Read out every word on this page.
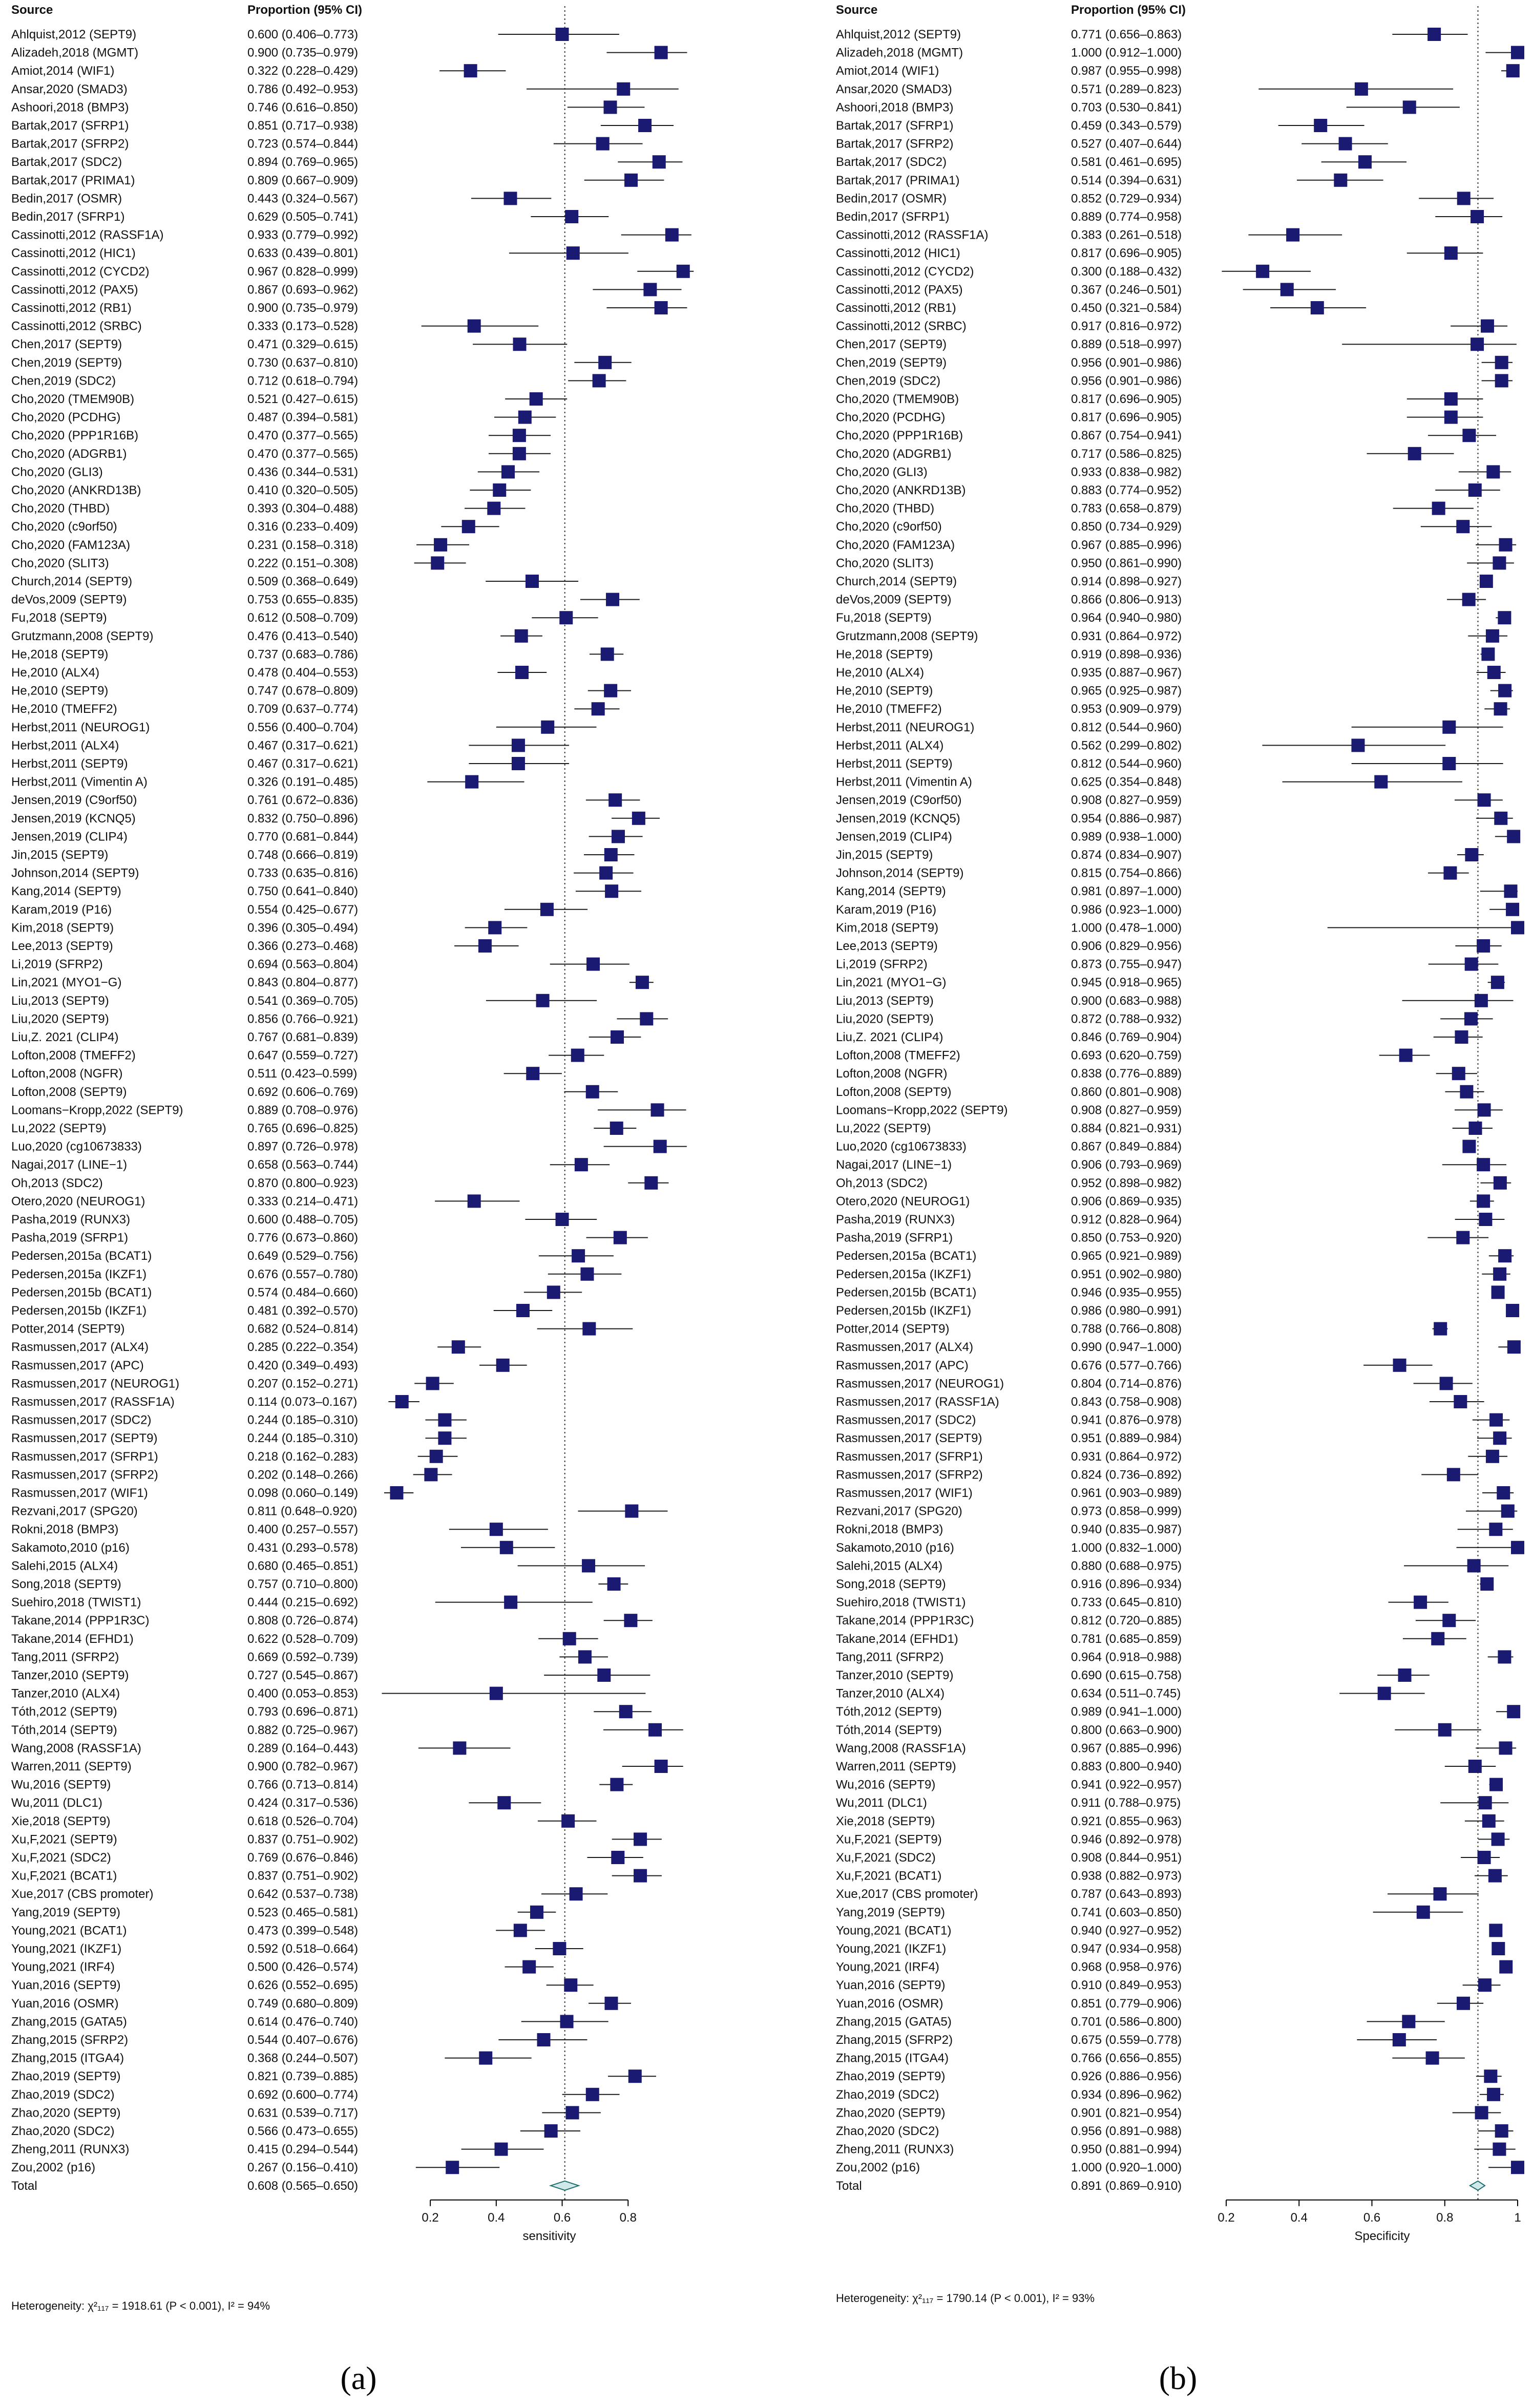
Source	Proportion (95% CI)
Ahlquist,2012 (SEPT9)	0.600 (0.406–0.773)
Alizadeh,2018 (MGMT)	0.900 (0.735–0.979)
Amiot,2014 (WIF1)	0.322 (0.228–0.429)
Ansar,2020 (SMAD3)	0.786 (0.492–0.953)
Ashoori,2018 (BMP3)	0.746 (0.616–0.850)
Bartak,2017 (SFRP1)	0.851 (0.717–0.938)
Bartak,2017 (SFRP2)	0.723 (0.574–0.844)
Bartak,2017 (SDC2)	0.894 (0.769–0.965)
Bartak,2017 (PRIMA1)	0.809 (0.667–0.909)
Bedin,2017 (OSMR)	0.443 (0.324–0.567)
Bedin,2017 (SFRP1)	0.629 (0.505–0.741)
Cassinotti,2012 (RASSF1A)	0.933 (0.779–0.992)
Cassinotti,2012 (HIC1)	0.633 (0.439–0.801)
Cassinotti,2012 (CYCD2)	0.967 (0.828–0.999)
Cassinotti,2012 (PAX5)	0.867 (0.693–0.962)
Cassinotti,2012 (RB1)	0.900 (0.735–0.979)
Cassinotti,2012 (SRBC)	0.333 (0.173–0.528)
Chen,2017 (SEPT9)	0.471 (0.329–0.615)
Chen,2019 (SEPT9)	0.730 (0.637–0.810)
Chen,2019 (SDC2)	0.712 (0.618–0.794)
Cho,2020 (TMEM90B)	0.521 (0.427–0.615)
Cho,2020 (PCDHG)	0.487 (0.394–0.581)
Cho,2020 (PPP1R16B)	0.470 (0.377–0.565)
Cho,2020 (ADGRB1)	0.470 (0.377–0.565)
Cho,2020 (GLI3)	0.436 (0.344–0.531)
Cho,2020 (ANKRD13B)	0.410 (0.320–0.505)
Cho,2020 (THBD)	0.393 (0.304–0.488)
Cho,2020 (c9orf50)	0.316 (0.233–0.409)
Cho,2020 (FAM123A)	0.231 (0.158–0.318)
Cho,2020 (SLIT3)	0.222 (0.151–0.308)
Church,2014 (SEPT9)	0.509 (0.368–0.649)
deVos,2009 (SEPT9)	0.753 (0.655–0.835)
Fu,2018 (SEPT9)	0.612 (0.508–0.709)
Grutzmann,2008 (SEPT9)	0.476 (0.413–0.540)
He,2018 (SEPT9)	0.737 (0.683–0.786)
He,2010 (ALX4)	0.478 (0.404–0.553)
He,2010 (SEPT9)	0.747 (0.678–0.809)
He,2010 (TMEFF2)	0.709 (0.637–0.774)
Herbst,2011 (NEUROG1)	0.556 (0.400–0.704)
Herbst,2011 (ALX4)	0.467 (0.317–0.621)
Herbst,2011 (SEPT9)	0.467 (0.317–0.621)
Herbst,2011 (Vimentin A)	0.326 (0.191–0.485)
Jensen,2019 (C9orf50)	0.761 (0.672–0.836)
Jensen,2019 (KCNQ5)	0.832 (0.750–0.896)
Jensen,2019 (CLIP4)	0.770 (0.681–0.844)
Jin,2015 (SEPT9)	0.748 (0.666–0.819)
Johnson,2014 (SEPT9)	0.733 (0.635–0.816)
Kang,2014 (SEPT9)	0.750 (0.641–0.840)
Karam,2019 (P16)	0.554 (0.425–0.677)
Kim,2018 (SEPT9)	0.396 (0.305–0.494)
Lee,2013 (SEPT9)	0.366 (0.273–0.468)
Li,2019 (SFRP2)	0.694 (0.563–0.804)
Lin,2021 (MYO1−G)	0.843 (0.804–0.877)
Liu,2013 (SEPT9)	0.541 (0.369–0.705)
Liu,2020 (SEPT9)	0.856 (0.766–0.921)
Liu,Z. 2021 (CLIP4)	0.767 (0.681–0.839)
Lofton,2008 (TMEFF2)	0.647 (0.559–0.727)
Lofton,2008 (NGFR)	0.511 (0.423–0.599)
Lofton,2008 (SEPT9)	0.692 (0.606–0.769)
Loomans−Kropp,2022 (SEPT9)	0.889 (0.708–0.976)
Lu,2022 (SEPT9)	0.765 (0.696–0.825)
Luo,2020 (cg10673833)	0.897 (0.726–0.978)
Nagai,2017 (LINE−1)	0.658 (0.563–0.744)
Oh,2013 (SDC2)	0.870 (0.800–0.923)
Otero,2020 (NEUROG1)	0.333 (0.214–0.471)
Pasha,2019 (RUNX3)	0.600 (0.488–0.705)
Pasha,2019 (SFRP1)	0.776 (0.673–0.860)
Pedersen,2015a (BCAT1)	0.649 (0.529–0.756)
Pedersen,2015a (IKZF1)	0.676 (0.557–0.780)
Pedersen,2015b (BCAT1)	0.574 (0.484–0.660)
Pedersen,2015b (IKZF1)	0.481 (0.392–0.570)
Potter,2014 (SEPT9)	0.682 (0.524–0.814)
Rasmussen,2017 (ALX4)	0.285 (0.222–0.354)
Rasmussen,2017 (APC)	0.420 (0.349–0.493)
Rasmussen,2017 (NEUROG1)	0.207 (0.152–0.271)
Rasmussen,2017 (RASSF1A)	0.114 (0.073–0.167)
Rasmussen,2017 (SDC2)	0.244 (0.185–0.310)
Rasmussen,2017 (SEPT9)	0.244 (0.185–0.310)
Rasmussen,2017 (SFRP1)	0.218 (0.162–0.283)
Rasmussen,2017 (SFRP2)	0.202 (0.148–0.266)
Rasmussen,2017 (WIF1)	0.098 (0.060–0.149)
Rezvani,2017 (SPG20)	0.811 (0.648–0.920)
Rokni,2018 (BMP3)	0.400 (0.257–0.557)
Sakamoto,2010 (p16)	0.431 (0.293–0.578)
Salehi,2015 (ALX4)	0.680 (0.465–0.851)
Song,2018 (SEPT9)	0.757 (0.710–0.800)
Suehiro,2018 (TWIST1)	0.444 (0.215–0.692)
Takane,2014 (PPP1R3C)	0.808 (0.726–0.874)
Takane,2014 (EFHD1)	0.622 (0.528–0.709)
Tang,2011 (SFRP2)	0.669 (0.592–0.739)
Tanzer,2010 (SEPT9)	0.727 (0.545–0.867)
Tanzer,2010 (ALX4)	0.400 (0.053–0.853)
Tóth,2012 (SEPT9)	0.793 (0.696–0.871)
Tóth,2014 (SEPT9)	0.882 (0.725–0.967)
Wang,2008 (RASSF1A)	0.289 (0.164–0.443)
Warren,2011 (SEPT9)	0.900 (0.782–0.967)
Wu,2016 (SEPT9)	0.766 (0.713–0.814)
Wu,2011 (DLC1)	0.424 (0.317–0.536)
Xie,2018 (SEPT9)	0.618 (0.526–0.704)
Xu,F,2021 (SEPT9)	0.837 (0.751–0.902)
Xu,F,2021 (SDC2)	0.769 (0.676–0.846)
Xu,F,2021 (BCAT1)	0.837 (0.751–0.902)
Xue,2017 (CBS promoter)	0.642 (0.537–0.738)
Yang,2019 (SEPT9)	0.523 (0.465–0.581)
Young,2021 (BCAT1)	0.473 (0.399–0.548)
Young,2021 (IKZF1)	0.592 (0.518–0.664)
Young,2021 (IRF4)	0.500 (0.426–0.574)
Yuan,2016 (SEPT9)	0.626 (0.552–0.695)
Yuan,2016 (OSMR)	0.749 (0.680–0.809)
Zhang,2015 (GATA5)	0.614 (0.476–0.740)
Zhang,2015 (SFRP2)	0.544 (0.407–0.676)
Zhang,2015 (ITGA4)	0.368 (0.244–0.507)
Zhao,2019 (SEPT9)	0.821 (0.739–0.885)
Zhao,2019 (SDC2)	0.692 (0.600–0.774)
Zhao,2020 (SEPT9)	0.631 (0.539–0.717)
Zhao,2020 (SDC2)	0.566 (0.473–0.655)
Zheng,2011 (RUNX3)	0.415 (0.294–0.544)
Zou,2002 (p16)	0.267 (0.156–0.410)
Total	0.608 (0.565–0.650)
0.2	0.4	0.6	0.8
sensitivity
Heterogeneity: χ²₁₁₇ = 1918.61 (P < 0.001), I² = 94%
(a)
Source	Proportion (95% CI)
Ahlquist,2012 (SEPT9)	0.771 (0.656–0.863)
Alizadeh,2018 (MGMT)	1.000 (0.912–1.000)
Amiot,2014 (WIF1)	0.987 (0.955–0.998)
Ansar,2020 (SMAD3)	0.571 (0.289–0.823)
Ashoori,2018 (BMP3)	0.703 (0.530–0.841)
Bartak,2017 (SFRP1)	0.459 (0.343–0.579)
Bartak,2017 (SFRP2)	0.527 (0.407–0.644)
Bartak,2017 (SDC2)	0.581 (0.461–0.695)
Bartak,2017 (PRIMA1)	0.514 (0.394–0.631)
Bedin,2017 (OSMR)	0.852 (0.729–0.934)
Bedin,2017 (SFRP1)	0.889 (0.774–0.958)
Cassinotti,2012 (RASSF1A)	0.383 (0.261–0.518)
Cassinotti,2012 (HIC1)	0.817 (0.696–0.905)
Cassinotti,2012 (CYCD2)	0.300 (0.188–0.432)
Cassinotti,2012 (PAX5)	0.367 (0.246–0.501)
Cassinotti,2012 (RB1)	0.450 (0.321–0.584)
Cassinotti,2012 (SRBC)	0.917 (0.816–0.972)
Chen,2017 (SEPT9)	0.889 (0.518–0.997)
Chen,2019 (SEPT9)	0.956 (0.901–0.986)
Chen,2019 (SDC2)	0.956 (0.901–0.986)
Cho,2020 (TMEM90B)	0.817 (0.696–0.905)
Cho,2020 (PCDHG)	0.817 (0.696–0.905)
Cho,2020 (PPP1R16B)	0.867 (0.754–0.941)
Cho,2020 (ADGRB1)	0.717 (0.586–0.825)
Cho,2020 (GLI3)	0.933 (0.838–0.982)
Cho,2020 (ANKRD13B)	0.883 (0.774–0.952)
Cho,2020 (THBD)	0.783 (0.658–0.879)
Cho,2020 (c9orf50)	0.850 (0.734–0.929)
Cho,2020 (FAM123A)	0.967 (0.885–0.996)
Cho,2020 (SLIT3)	0.950 (0.861–0.990)
Church,2014 (SEPT9)	0.914 (0.898–0.927)
deVos,2009 (SEPT9)	0.866 (0.806–0.913)
Fu,2018 (SEPT9)	0.964 (0.940–0.980)
Grutzmann,2008 (SEPT9)	0.931 (0.864–0.972)
He,2018 (SEPT9)	0.919 (0.898–0.936)
He,2010 (ALX4)	0.935 (0.887–0.967)
He,2010 (SEPT9)	0.965 (0.925–0.987)
He,2010 (TMEFF2)	0.953 (0.909–0.979)
Herbst,2011 (NEUROG1)	0.812 (0.544–0.960)
Herbst,2011 (ALX4)	0.562 (0.299–0.802)
Herbst,2011 (SEPT9)	0.812 (0.544–0.960)
Herbst,2011 (Vimentin A)	0.625 (0.354–0.848)
Jensen,2019 (C9orf50)	0.908 (0.827–0.959)
Jensen,2019 (KCNQ5)	0.954 (0.886–0.987)
Jensen,2019 (CLIP4)	0.989 (0.938–1.000)
Jin,2015 (SEPT9)	0.874 (0.834–0.907)
Johnson,2014 (SEPT9)	0.815 (0.754–0.866)
Kang,2014 (SEPT9)	0.981 (0.897–1.000)
Karam,2019 (P16)	0.986 (0.923–1.000)
Kim,2018 (SEPT9)	1.000 (0.478–1.000)
Lee,2013 (SEPT9)	0.906 (0.829–0.956)
Li,2019 (SFRP2)	0.873 (0.755–0.947)
Lin,2021 (MYO1−G)	0.945 (0.918–0.965)
Liu,2013 (SEPT9)	0.900 (0.683–0.988)
Liu,2020 (SEPT9)	0.872 (0.788–0.932)
Liu,Z. 2021 (CLIP4)	0.846 (0.769–0.904)
Lofton,2008 (TMEFF2)	0.693 (0.620–0.759)
Lofton,2008 (NGFR)	0.838 (0.776–0.889)
Lofton,2008 (SEPT9)	0.860 (0.801–0.908)
Loomans−Kropp,2022 (SEPT9)	0.908 (0.827–0.959)
Lu,2022 (SEPT9)	0.884 (0.821–0.931)
Luo,2020 (cg10673833)	0.867 (0.849–0.884)
Nagai,2017 (LINE−1)	0.906 (0.793–0.969)
Oh,2013 (SDC2)	0.952 (0.898–0.982)
Otero,2020 (NEUROG1)	0.906 (0.869–0.935)
Pasha,2019 (RUNX3)	0.912 (0.828–0.964)
Pasha,2019 (SFRP1)	0.850 (0.753–0.920)
Pedersen,2015a (BCAT1)	0.965 (0.921–0.989)
Pedersen,2015a (IKZF1)	0.951 (0.902–0.980)
Pedersen,2015b (BCAT1)	0.946 (0.935–0.955)
Pedersen,2015b (IKZF1)	0.986 (0.980–0.991)
Potter,2014 (SEPT9)	0.788 (0.766–0.808)
Rasmussen,2017 (ALX4)	0.990 (0.947–1.000)
Rasmussen,2017 (APC)	0.676 (0.577–0.766)
Rasmussen,2017 (NEUROG1)	0.804 (0.714–0.876)
Rasmussen,2017 (RASSF1A)	0.843 (0.758–0.908)
Rasmussen,2017 (SDC2)	0.941 (0.876–0.978)
Rasmussen,2017 (SEPT9)	0.951 (0.889–0.984)
Rasmussen,2017 (SFRP1)	0.931 (0.864–0.972)
Rasmussen,2017 (SFRP2)	0.824 (0.736–0.892)
Rasmussen,2017 (WIF1)	0.961 (0.903–0.989)
Rezvani,2017 (SPG20)	0.973 (0.858–0.999)
Rokni,2018 (BMP3)	0.940 (0.835–0.987)
Sakamoto,2010 (p16)	1.000 (0.832–1.000)
Salehi,2015 (ALX4)	0.880 (0.688–0.975)
Song,2018 (SEPT9)	0.916 (0.896–0.934)
Suehiro,2018 (TWIST1)	0.733 (0.645–0.810)
Takane,2014 (PPP1R3C)	0.812 (0.720–0.885)
Takane,2014 (EFHD1)	0.781 (0.685–0.859)
Tang,2011 (SFRP2)	0.964 (0.918–0.988)
Tanzer,2010 (SEPT9)	0.690 (0.615–0.758)
Tanzer,2010 (ALX4)	0.634 (0.511–0.745)
Tóth,2012 (SEPT9)	0.989 (0.941–1.000)
Tóth,2014 (SEPT9)	0.800 (0.663–0.900)
Wang,2008 (RASSF1A)	0.967 (0.885–0.996)
Warren,2011 (SEPT9)	0.883 (0.800–0.940)
Wu,2016 (SEPT9)	0.941 (0.922–0.957)
Wu,2011 (DLC1)	0.911 (0.788–0.975)
Xie,2018 (SEPT9)	0.921 (0.855–0.963)
Xu,F,2021 (SEPT9)	0.946 (0.892–0.978)
Xu,F,2021 (SDC2)	0.908 (0.844–0.951)
Xu,F,2021 (BCAT1)	0.938 (0.882–0.973)
Xue,2017 (CBS promoter)	0.787 (0.643–0.893)
Yang,2019 (SEPT9)	0.741 (0.603–0.850)
Young,2021 (BCAT1)	0.940 (0.927–0.952)
Young,2021 (IKZF1)	0.947 (0.934–0.958)
Young,2021 (IRF4)	0.968 (0.958–0.976)
Yuan,2016 (SEPT9)	0.910 (0.849–0.953)
Yuan,2016 (OSMR)	0.851 (0.779–0.906)
Zhang,2015 (GATA5)	0.701 (0.586–0.800)
Zhang,2015 (SFRP2)	0.675 (0.559–0.778)
Zhang,2015 (ITGA4)	0.766 (0.656–0.855)
Zhao,2019 (SEPT9)	0.926 (0.886–0.956)
Zhao,2019 (SDC2)	0.934 (0.896–0.962)
Zhao,2020 (SEPT9)	0.901 (0.821–0.954)
Zhao,2020 (SDC2)	0.956 (0.891–0.988)
Zheng,2011 (RUNX3)	0.950 (0.881–0.994)
Zou,2002 (p16)	1.000 (0.920–1.000)
Total	0.891 (0.869–0.910)
0.2	0.4	0.6	0.8	1
Specificity
Heterogeneity: χ²₁₁₇ = 1790.14 (P < 0.001), I² = 93%
(b)
